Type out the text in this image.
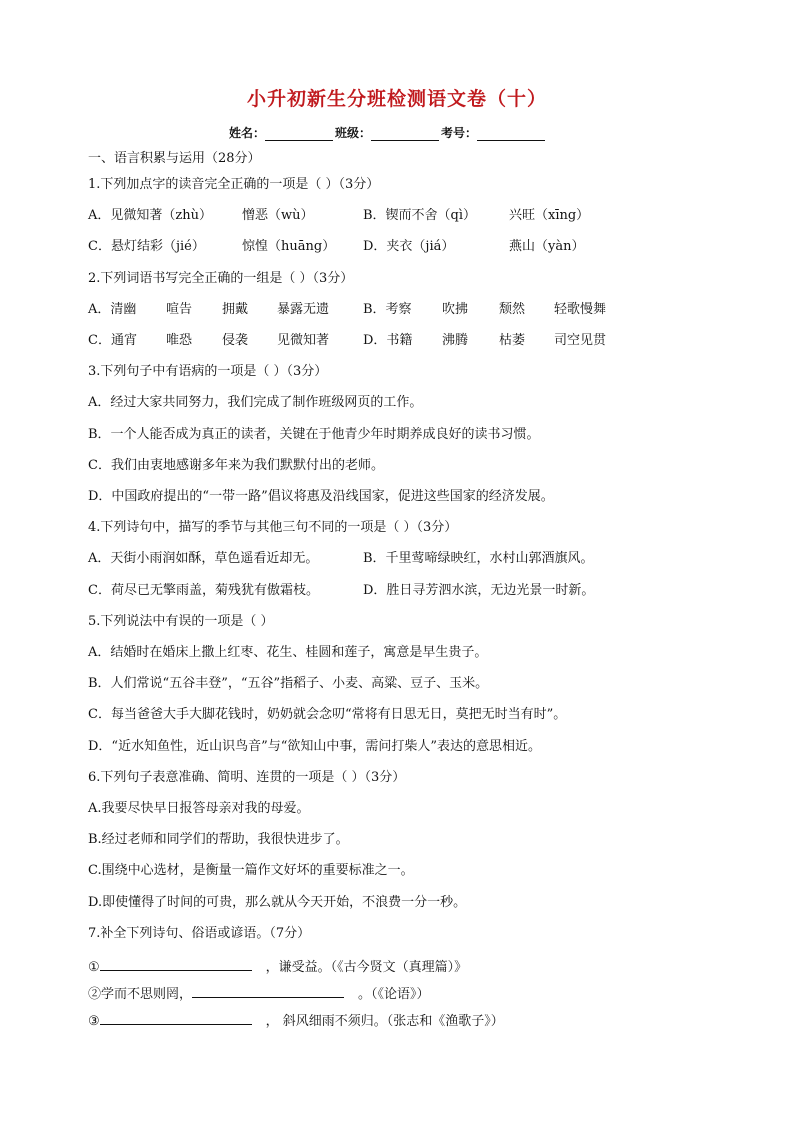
小升初新生分班检测语文卷（十）
姓名：	班级：	考号：
一、语言积累与运用（28分）
1.下列加点字的读音完全正确的一项是（ ）（3分）
A．见微知著（zhù） 憎恶（wù）	B．锲而不舍（qì）	兴旺（xīng）
C．悬灯结彩（jié）	惊惶（huāng） D．夹衣（jiá）	燕山（yàn）
2.下列词语书写完全正确的一组是（ ）（3分）
A．清幽 喧告 拥戴 暴露无遗	B．考察 吹拂 颓然 轻歌慢舞
C．通宵 唯恐 侵袭 见微知著	D．书籍 沸腾 枯萎 司空见贯
3.下列句子中有语病的一项是（ ）（3分）
A．经过大家共同努力，我们完成了制作班级网页的工作。
B．一个人能否成为真正的读者，关键在于他青少年时期养成良好的读书习惯。
C．我们由衷地感谢多年来为我们默默付出的老师。
D．中国政府提出的“一带一路”倡议将惠及沿线国家，促进这些国家的经济发展。
4.下列诗句中，描写的季节与其他三句不同的一项是（ ）（3分）
A．天街小雨润如酥，草色遥看近却无。	B．千里莺啼绿映红，水村山郭酒旗风。
C．荷尽已无擎雨盖，菊残犹有傲霜枝。	D．胜日寻芳泗水滨，无边光景一时新。
5.下列说法中有误的一项是（ ）
A．结婚时在婚床上撒上红枣、花生、桂圆和莲子，寓意是早生贵子。
B．人们常说“五谷丰登”，“五谷”指稻子、小麦、高粱、豆子、玉米。
C．每当爸爸大手大脚花钱时，奶奶就会念叨“常将有日思无日，莫把无时当有时”。
D．“近水知鱼性，近山识鸟音”与“欲知山中事，需问打柴人”表达的意思相近。
6.下列句子表意准确、简明、连贯的一项是（ ）（3分）
A.我要尽快早日报答母亲对我的母爱。
B.经过老师和同学们的帮助，我很快进步了。
C.围绕中心选材，是衡量一篇作文好坏的重要标准之一。
D.即使懂得了时间的可贵，那么就从今天开始，不浪费一分一秒。
7.补全下列诗句、俗语或谚语。（7分）
①	，谦受益。（《古今贤文（真理篇）》
②学而不思则罔，	。（《论语》）
③	， 斜风细雨不须归。（张志和《渔歌子》）
